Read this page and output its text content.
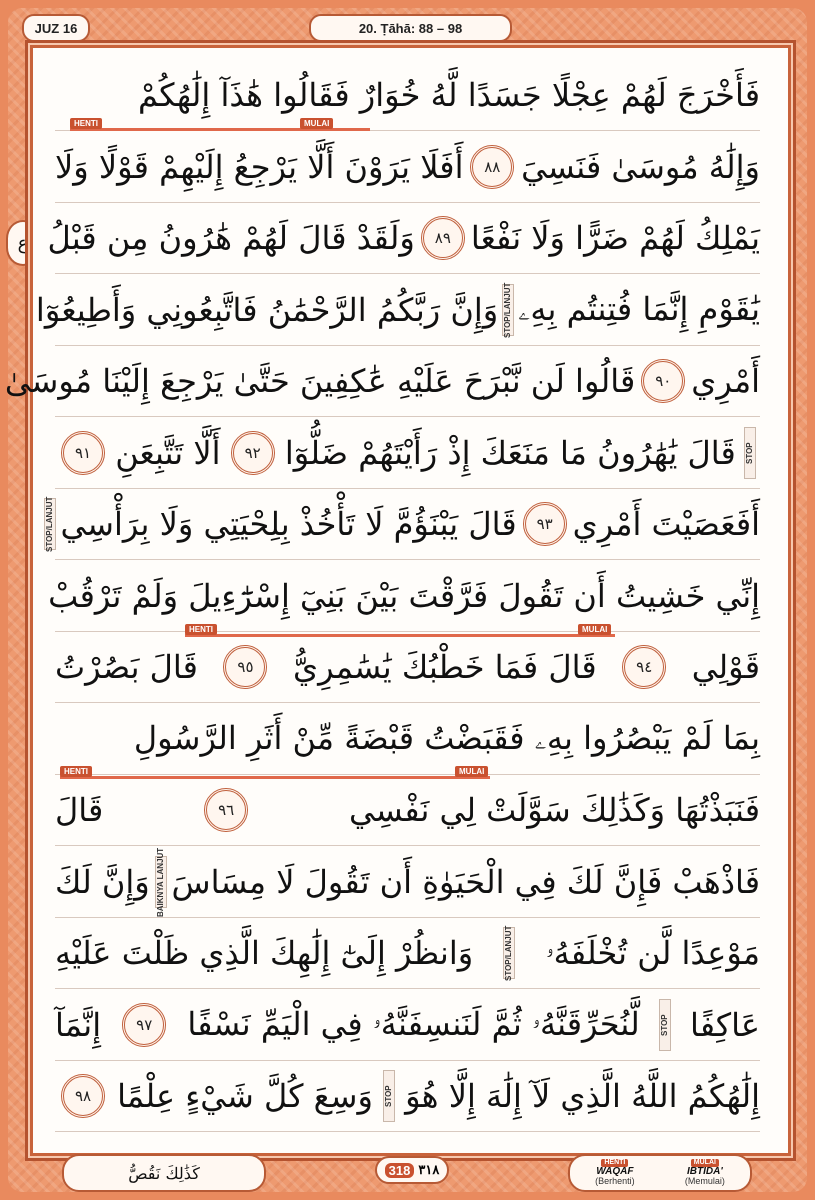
JUZ 16	20. Ṭāhā: 88 – 98
ع
فَأَخْرَجَ لَهُمْ عِجْلًا جَسَدًا لَّهُ خُوَارٌ فَقَالُوا هَٰذَآ إِلَٰهُكُمْ
وَإِلَٰهُ مُوسَىٰ فَنَسِيَ
٨٨
أَفَلَا يَرَوْنَ أَلَّا يَرْجِعُ إِلَيْهِمْ قَوْلًا وَلَا
يَمْلِكُ لَهُمْ ضَرًّا وَلَا نَفْعًا
٨٩
وَلَقَدْ قَالَ لَهُمْ هَٰرُونُ مِن قَبْلُ
يَٰقَوْمِ إِنَّمَا فُتِنتُم بِهِۦ
STOP/LANJUT
وَإِنَّ رَبَّكُمُ الرَّحْمَٰنُ فَاتَّبِعُونِي وَأَطِيعُوٓا
أَمْرِي
٩٠
قَالُوا لَن نَّبْرَحَ عَلَيْهِ عَٰكِفِينَ حَتَّىٰ يَرْجِعَ إِلَيْنَا مُوسَىٰ
STOP
قَالَ يَٰهَٰرُونُ مَا مَنَعَكَ إِذْ رَأَيْتَهُمْ ضَلُّوٓا
٩٢
أَلَّا تَتَّبِعَنِ
٩١
أَفَعَصَيْتَ أَمْرِي
٩٣
قَالَ يَبْنَؤُمَّ لَا تَأْخُذْ بِلِحْيَتِي وَلَا بِرَأْسِي
STOP/LANJUT
إِنِّي خَشِيتُ أَن تَقُولَ فَرَّقْتَ بَيْنَ بَنِيٓ إِسْرَٰٓءِيلَ وَلَمْ تَرْقُبْ
قَوْلِي
٩٤
قَالَ فَمَا خَطْبُكَ يَٰسَٰمِرِيُّ
٩٥
قَالَ بَصُرْتُ
بِمَا لَمْ يَبْصُرُوا بِهِۦ فَقَبَضْتُ قَبْضَةً مِّنْ أَثَرِ الرَّسُولِ
فَنَبَذْتُهَا وَكَذَٰلِكَ سَوَّلَتْ لِي نَفْسِي
٩٦
قَالَ
فَاذْهَبْ فَإِنَّ لَكَ فِي الْحَيَوٰةِ أَن تَقُولَ لَا مِسَاسَ
BAIKNYA LANJUT
وَإِنَّ لَكَ
مَوْعِدًا لَّن تُخْلَفَهُۥ
STOP/LANJUT
وَانظُرْ إِلَىٰٓ إِلَٰهِكَ الَّذِي ظَلْتَ عَلَيْهِ
عَاكِفًا
STOP
لَّنُحَرِّقَنَّهُۥ ثُمَّ لَنَنسِفَنَّهُۥ فِي الْيَمِّ نَسْفًا
٩٧
إِنَّمَآ
إِلَٰهُكُمُ اللَّهُ الَّذِي لَآ إِلَٰهَ إِلَّا هُوَ
STOP
وَسِعَ كُلَّ شَيْءٍ عِلْمًا
٩٨
HENTI	MULAI
HENTI	MULAI
HENTI	MULAI
كَذَٰلِكَ نَقُصُّ	318 ٣١٨	HENTI
WAQAF
(Berhenti)
MULAI
IBTIDA'
(Memulai)
